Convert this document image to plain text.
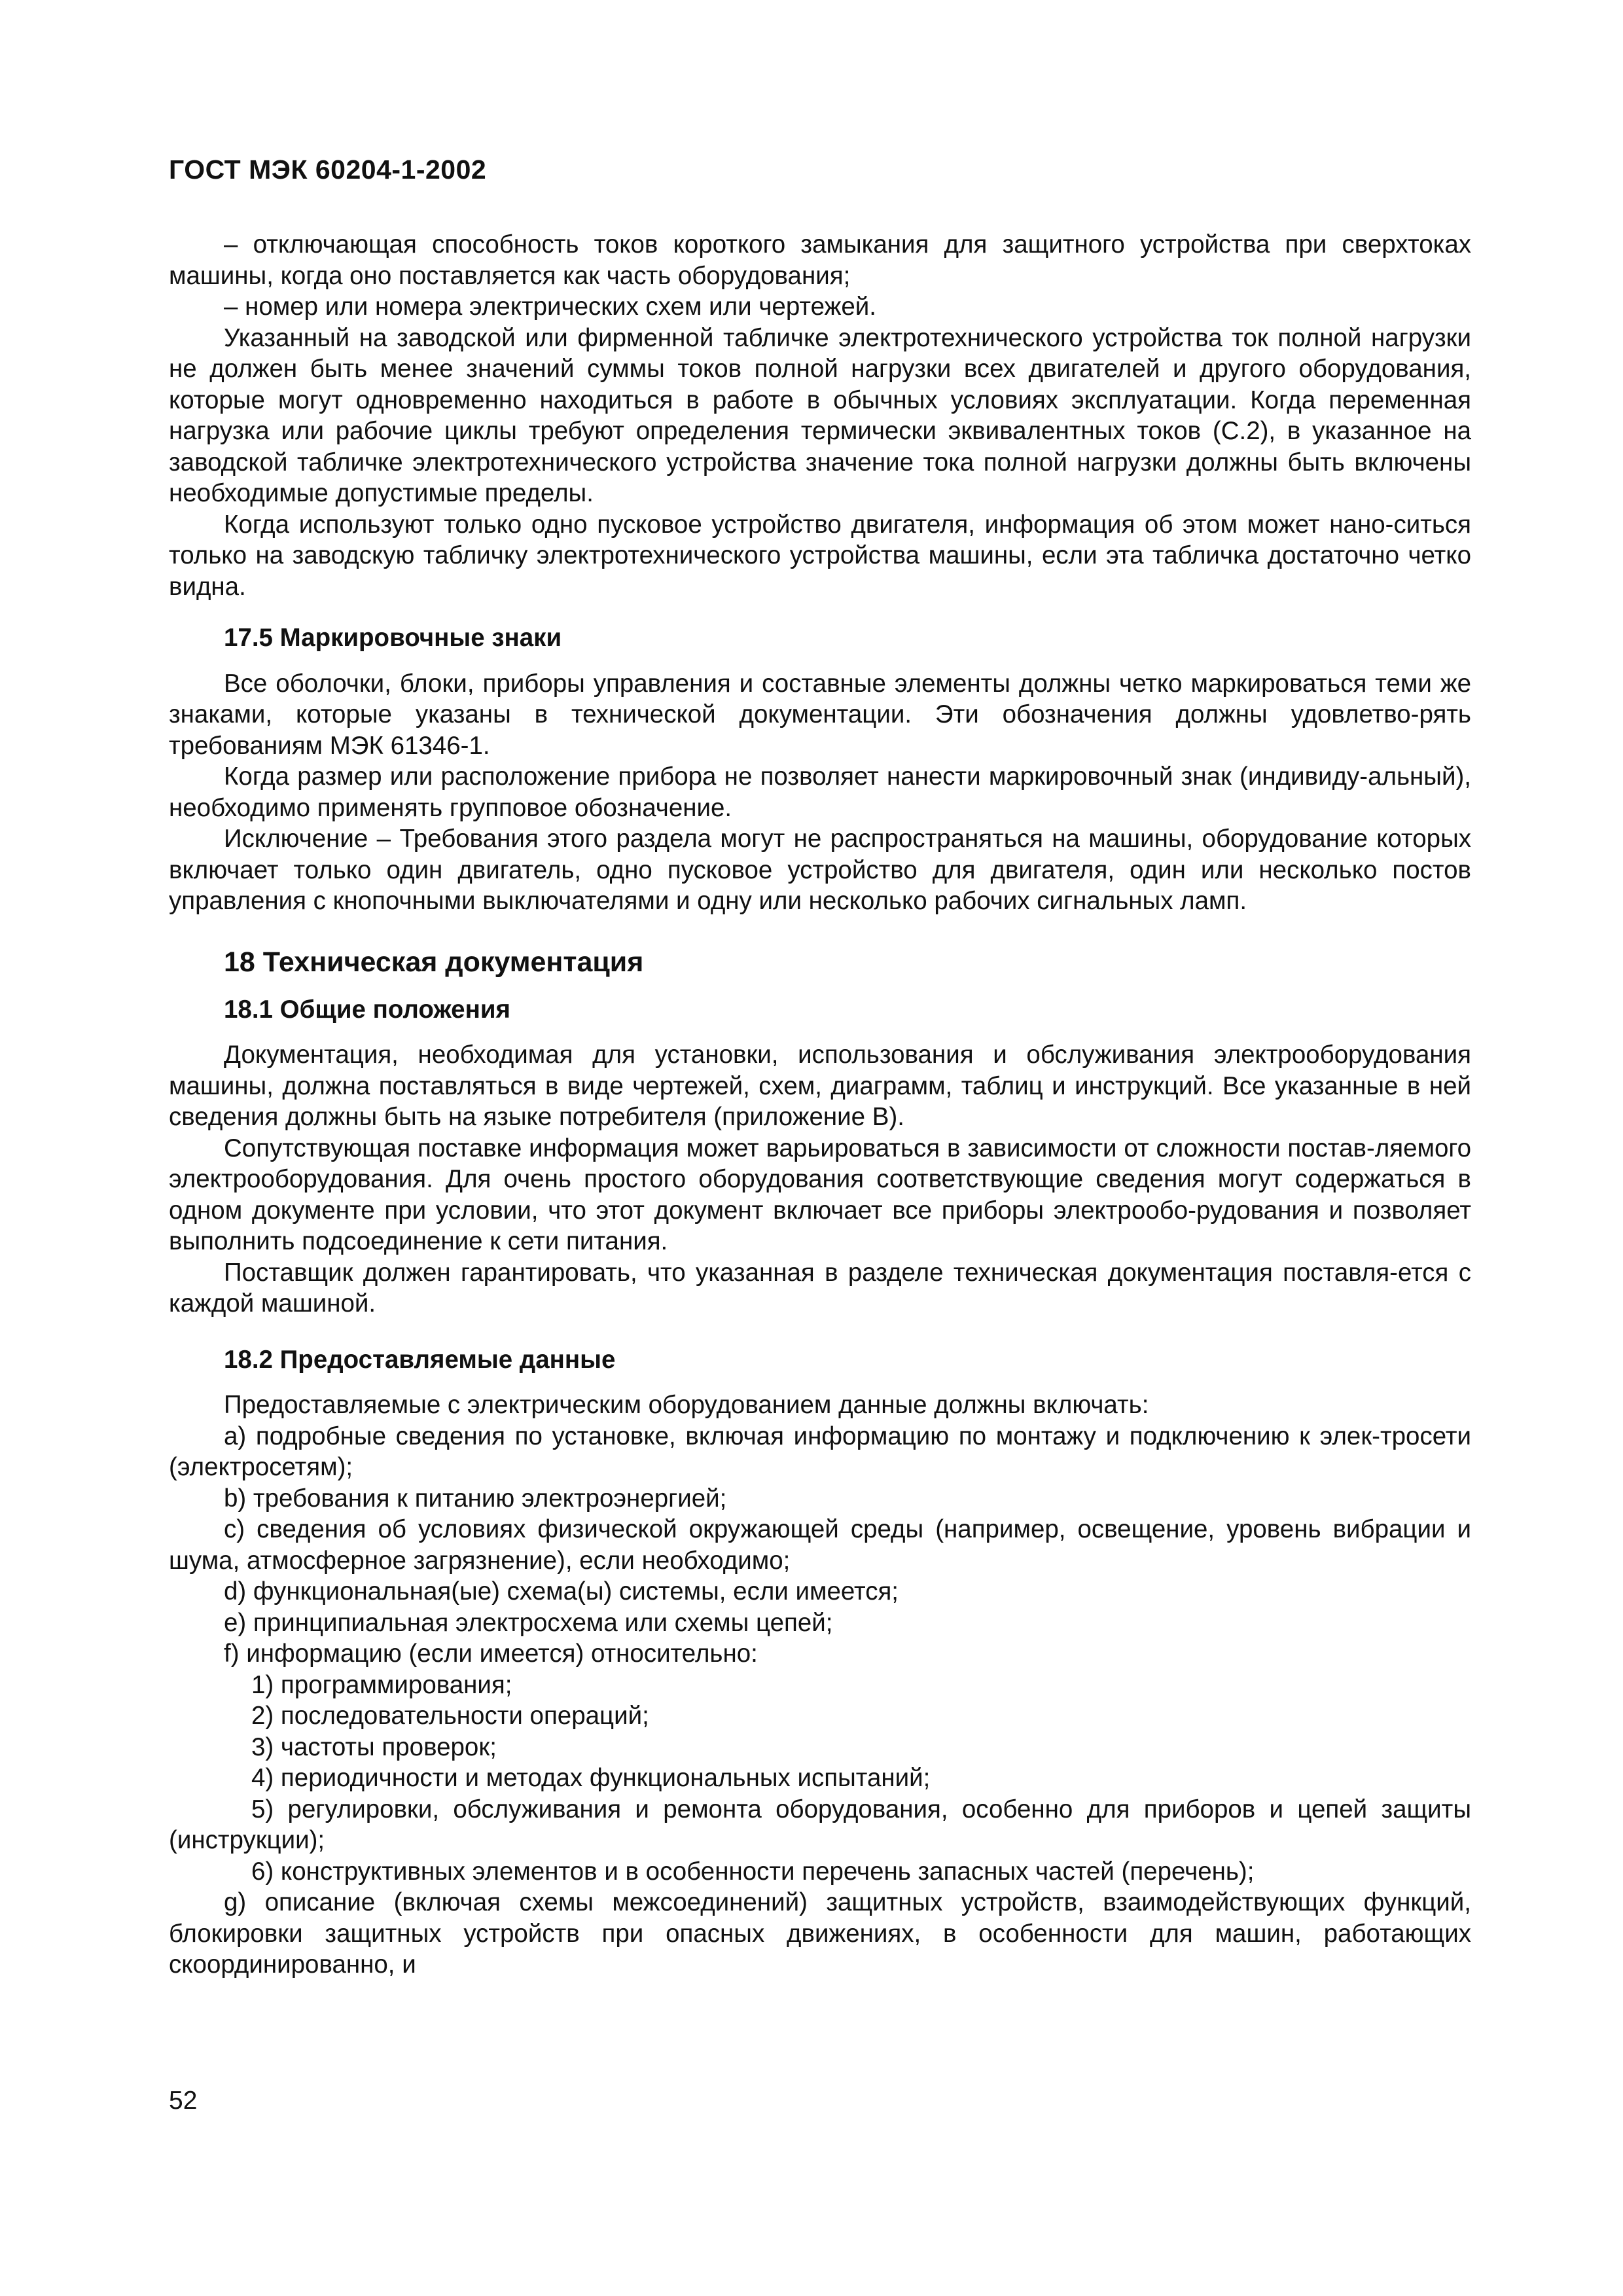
ГОСТ МЭК 60204-1-2002

– отключающая способность токов короткого замыкания для защитного устройства при сверхтоках машины, когда оно поставляется как часть оборудования;

– номер или номера электрических схем или чертежей.

Указанный на заводской или фирменной табличке электротехнического устройства ток полной нагрузки не должен быть менее значений суммы токов полной нагрузки всех двигателей и другого оборудования, которые могут одновременно находиться в работе в обычных условиях эксплуатации. Когда переменная нагрузка или рабочие циклы требуют определения термически эквивалентных токов (С.2), в указанное на заводской табличке электротехнического устройства значение тока полной нагрузки должны быть включены необходимые допустимые пределы.

Когда используют только одно пусковое устройство двигателя, информация об этом может нано-ситься только на заводскую табличку электротехнического устройства машины, если эта табличка достаточно четко видна.

17.5 Маркировочные знаки

Все оболочки, блоки, приборы управления и составные элементы должны четко маркироваться теми же знаками, которые указаны в технической документации. Эти обозначения должны удовлетво-рять требованиям МЭК 61346-1.

Когда размер или расположение прибора не позволяет нанести маркировочный знак (индивиду-альный), необходимо применять групповое обозначение.

Исключение – Требования этого раздела могут не распространяться на машины, оборудование которых включает только один двигатель, одно пусковое устройство для двигателя, один или несколько постов управления с кнопочными выключателями и одну или несколько рабочих сигнальных ламп.

18 Техническая документация
18.1 Общие положения

Документация, необходимая для установки, использования и обслуживания электрооборудования машины, должна поставляться в виде чертежей, схем, диаграмм, таблиц и инструкций. Все указанные в ней сведения должны быть на языке потребителя (приложение В).

Сопутствующая поставке информация может варьироваться в зависимости от сложности постав-ляемого электрооборудования. Для очень простого оборудования соответствующие сведения могут содержаться в одном документе при условии, что этот документ включает все приборы электрообо-рудования и позволяет выполнить подсоединение к сети питания.

Поставщик должен гарантировать, что указанная в разделе техническая документация поставля-ется с каждой машиной.

18.2 Предоставляемые данные

Предоставляемые с электрическим оборудованием данные должны включать:

а) подробные сведения по установке, включая информацию по монтажу и подключению к элек-тросети (электросетям);

b) требования к питанию электроэнергией;

с) сведения об условиях физической окружающей среды (например, освещение, уровень вибрации и шума, атмосферное загрязнение), если необходимо;

d) функциональная(ые) схема(ы) системы, если имеется;

е) принципиальная электросхема или схемы цепей;

f) информацию (если имеется) относительно:

1) программирования;

2) последовательности операций;

3) частоты проверок;

4) периодичности и методах функциональных испытаний;

5) регулировки, обслуживания и ремонта оборудования, особенно для приборов и цепей защиты (инструкции);

6) конструктивных элементов и в особенности перечень запасных частей (перечень);

g) описание (включая схемы межсоединений) защитных устройств, взаимодействующих функций, блокировки защитных устройств при опасных движениях, в особенности для машин, работающих скоординированно, и

52
